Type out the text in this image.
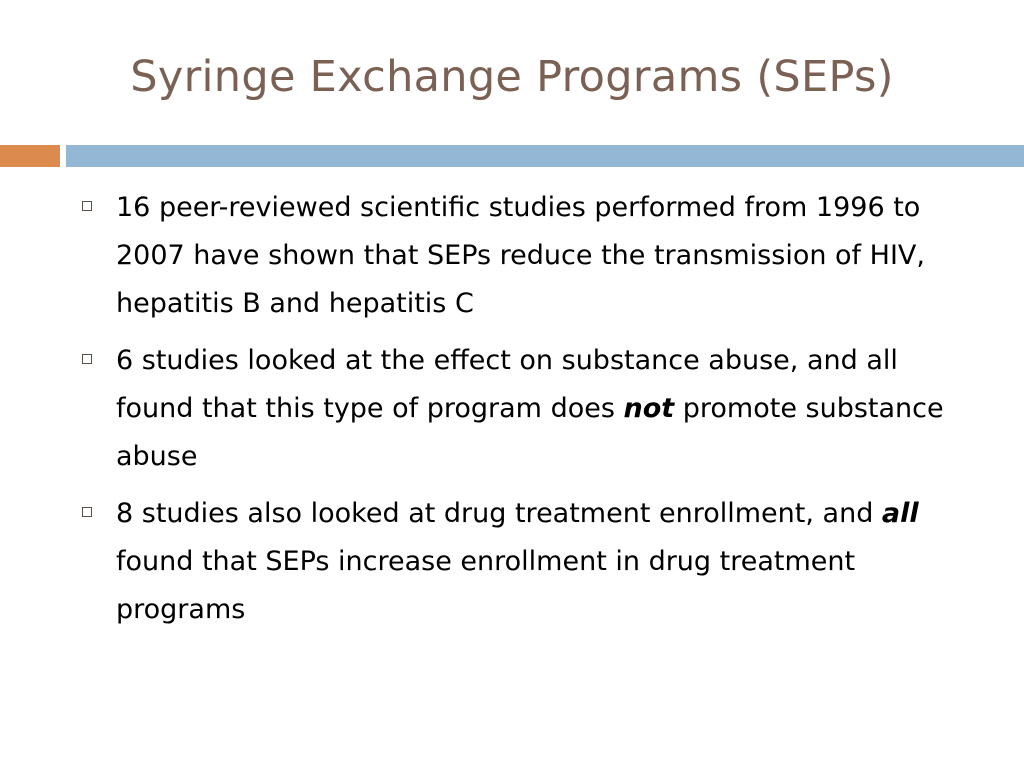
Syringe Exchange Programs (SEPs)
16 peer-reviewed scientific studies performed from 1996 to 2007 have shown that SEPs reduce the transmission of HIV, hepatitis B and hepatitis C
6 studies looked at the effect on substance abuse, and all found that this type of program does not promote substance abuse
8 studies also looked at drug treatment enrollment, and all found that SEPs increase enrollment in drug treatment programs
